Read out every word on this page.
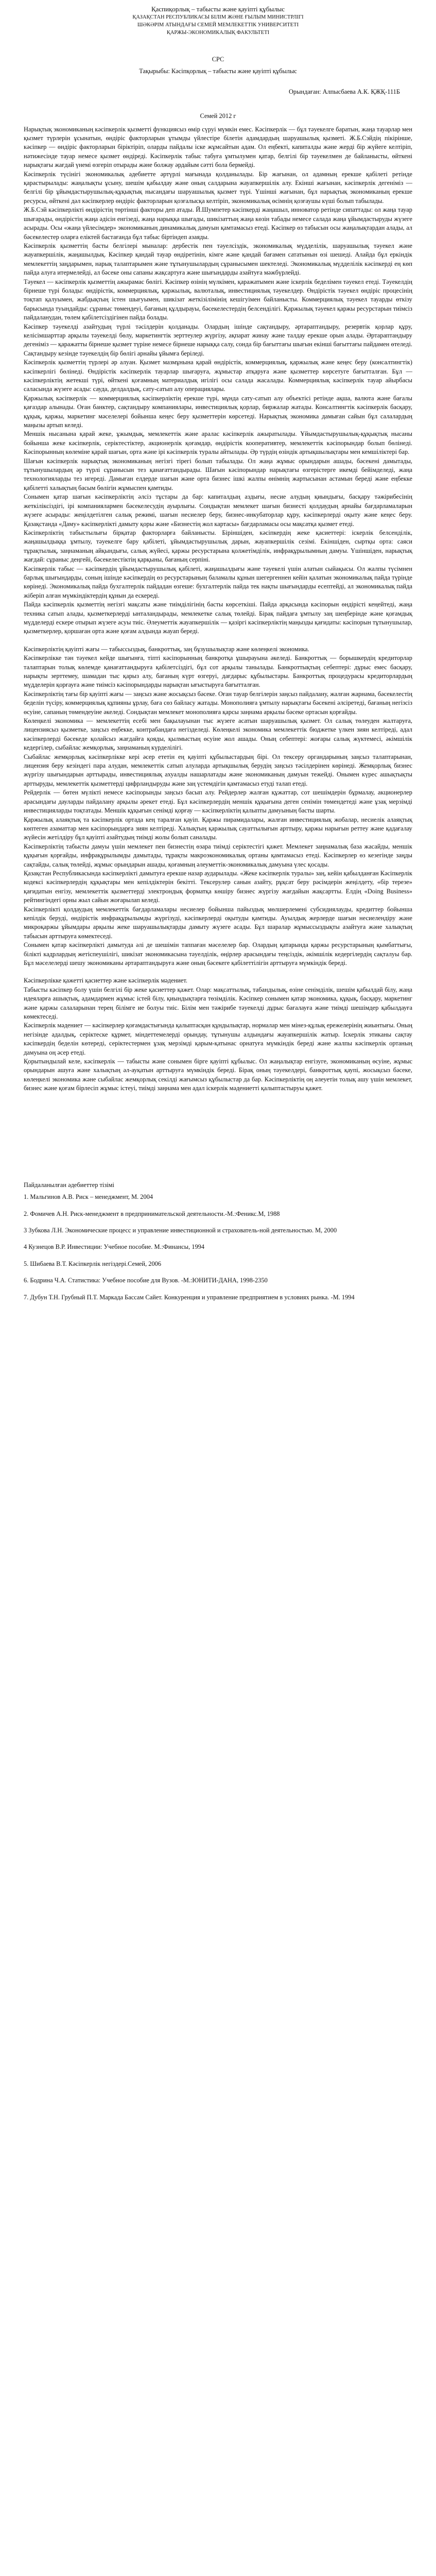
Қаспиқорлық – табысты және қауіпті құбылыс
ҚАЗАҚСТАН РЕСПУБЛИКАСЫ БІЛІМ ЖӘНЕ ҒЫЛЫМ МИНИСТРЛІГІ
ШӘКӘРІМ АТЫНДАҒЫ СЕМЕЙ МЕМЛЕКЕТТІК УНИВЕРСИТЕТІ
ҚАРЖЫ-ЭКОНОМИКАЛЫҚ ФАКУЛЬТЕТІ
СРС
Тақырыбы: Кәсіпқорлық – табысты және қауіпті құбылыс
Орындаған: Алпысбаева А.К. ҚЖҚ-111Б
Семей 2012 г

Нарықтық экономиканың кәсіпкерлік қызметті функциясыз өмір сүруі мүмкін емес. Кәсіпкерлік — бұл тәуекелге баратын, жаңа тауарлар мен қызмет түрлерін ұсынатын, өндіріс факторларын ұтымды үйлестіре білетін адамдардың шаруашылық қызметі. Ж.Б.Сэйдің пікірінше, кәсіпкер — өндіріс факторларын біріктіріп, оларды пайдалы іске жұмсайтын адам. Ол еңбекті, капиталды және жерді бір жүйеге келтіріп, нәтижесінде тауар немесе қызмет өндіреді. Кәсіпкерлік табыс табуға ұмтылумен қатар, белгілі бір тәуекелмен де байланысты, өйткені нарықтағы жағдай үнемі өзгеріп отырады және болжау әрдайым сәтті бола бермейді.

Кәсіпкерлік түсінігі экономикалық әдебиетте әртүрлі мағынада қолданылады. Бір жағынан, ол адамның ерекше қабілеті ретінде қарастырылады: жаңалықты ұсыну, шешім қабылдау және оның салдарына жауапкершілік алу. Екінші жағынан, кәсіпкерлік дегеніміз — белгілі бір ұйымдастырушылық-құқықтық нысандағы шаруашылық қызмет түрі. Үшінші жағынан, бұл нарықтық экономиканың ерекше ресурсы, өйткені дәл кәсіпкерлер өндіріс факторларын қозғалысқа келтіріп, экономикалық өсімнің қозғаушы күші болып табылады.

Ж.Б.Сэй кәсіпкерлікті өндірістің төртінші факторы деп атады. Й.Шумпетер кәсіпкерді жаңашыл, инноватор ретінде сипаттады: ол жаңа тауар шығарады, өндірістің жаңа әдісін енгізеді, жаңа нарыққа шығады, шикізаттың жаңа көзін табады немесе салада жаңа ұйымдастыруды жүзеге асырады. Осы «жаңа үйлесімдер» экономиканың динамикалық дамуын қамтамасыз етеді. Кәсіпкер өз табысын осы жаңалықтардан алады, ал бәсекелестер оларға еліктей бастағанда бұл табыс біртіндеп азаяды.

Кәсіпкерлік қызметтің басты белгілері мыналар: дербестік пен тәуелсіздік, экономикалық мүдделілік, шаруашылық тәуекел және жауапкершілік, жаңашылдық. Кәсіпкер қандай тауар өндіретінін, кімге және қандай бағамен сататынын өзі шешеді. Алайда бұл еркіндік мемлекеттің заңдарымен, нарық талаптарымен және тұтынушылардың сұранысымен шектеледі. Экономикалық мүдделілік кәсіпкерді ең көп пайда алуға итермелейді, ал бәсеке оны сапаны жақсартуға және шығындарды азайтуға мәжбүрлейді.

Тәуекел — кәсіпкерлік қызметтің ажырамас бөлігі. Кәсіпкер өзінің мүлкімен, қаражатымен және іскерлік беделімен тәуекел етеді. Тәуекелдің бірнеше түрі болады: өндірістік, коммерциялық, қаржылық, валюталық, инвестициялық тәуекелдер. Өндірістік тәуекел өндіріс процесінің тоқтап қалуымен, жабдықтың істен шығуымен, шикізат жеткізілімінің кешігуімен байланысты. Коммерциялық тәуекел тауарды өткізу барысында туындайды: сұраныс төмендеуі, бағаның құлдырауы, бәсекелестердің белсенділігі. Қаржылық тәуекел қаржы ресурстарын тиімсіз пайдаланудан, төлем қабілетсіздігінен пайда болады.

Кәсіпкер тәуекелді азайтудың түрлі тәсілдерін қолданады. Олардың ішінде сақтандыру, әртараптандыру, резервтік қорлар құру, келісімшарттар арқылы тәуекелді бөлу, маркетингтік зерттеулер жүргізу, ақпарат жинау және талдау ерекше орын алады. Әртараптандыру дегеніміз — қаражатты бірнеше қызмет түріне немесе бірнеше нарыққа салу, сонда бір бағыттағы шығын екінші бағыттағы пайдамен өтеледі. Сақтандыру кезінде тәуекелдің бір бөлігі арнайы ұйымға беріледі.

Кәсіпкерлік қызметтің түрлері әр алуан. Қызмет мазмұнына қарай өндірістік, коммерциялық, қаржылық және кеңес беру (консалтингтік) кәсіпкерлігі бөлінеді. Өндірістік кәсіпкерлік тауарлар шығаруға, жұмыстар атқаруға және қызметтер көрсетуге бағытталған. Бұл — кәсіпкерліктің жетекші түрі, өйткені қоғамның материалдық игілігі осы салада жасалады. Коммерциялық кәсіпкерлік тауар айырбасы саласында жүзеге асады: сауда, делдалдық, сату-сатып алу операциялары.

Қаржылық кәсіпкерлік — коммерциялық кәсіпкерліктің ерекше түрі, мұнда сату-сатып алу объектісі ретінде ақша, валюта және бағалы қағаздар алынады. Оған банктер, сақтандыру компаниялары, инвестициялық қорлар, биржалар жатады. Консалтингтік кәсіпкерлік басқару, құқық, қаржы, маркетинг мәселелері бойынша кеңес беру қызметтерін көрсетеді. Нарықтық экономика дамыған сайын бұл салалардың маңызы артып келеді.

Меншік нысанына қарай жеке, ұжымдық, мемлекеттік және аралас кәсіпкерлік ажыратылады. Ұйымдастырушылық-құқықтық нысаны бойынша жеке кәсіпкерлік, серіктестіктер, акционерлік қоғамдар, өндірістік кооперативтер, мемлекеттік кәсіпорындар болып бөлінеді. Кәсіпорынның көлеміне қарай шағын, орта және ірі кәсіпкерлік туралы айтылады. Әр түрдің өзіндік артықшылықтары мен кемшіліктері бар.

Шағын кәсіпкерлік нарықтық экономиканың негізгі тірегі болып табылады. Ол жаңа жұмыс орындарын ашады, бәсекені дамытады, тұтынушылардың әр түрлі сұранысын тез қанағаттандырады. Шағын кәсіпорындар нарықтағы өзгерістерге икемді бейімделеді, жаңа технологияларды тез игереді. Дамыған елдерде шағын және орта бизнес ішкі жалпы өнімнің жартысынан астамын береді және еңбекке қабілетті халықтың басым бөлігін жұмыспен қамтиды.

Сонымен қатар шағын кәсіпкерліктің әлсіз тұстары да бар: капиталдың аздығы, несие алудың қиындығы, басқару тәжірибесінің жеткіліксіздігі, ірі компаниялармен бәсекелесудің ауырлығы. Сондықтан мемлекет шағын бизнесті қолдаудың арнайы бағдарламаларын жүзеге асырады: жеңілдетілген салық режимі, шағын несиелер беру, бизнес-инкубаторлар құру, кәсіпкерлерді оқыту және кеңес беру. Қазақстанда «Даму» кәсіпкерлікті дамыту қоры және «Бизнестің жол картасы» бағдарламасы осы мақсатқа қызмет етеді.

Кәсіпкерліктің табыстылығы бірқатар факторларға байланысты. Біріншіден, кәсіпкердің жеке қасиеттері: іскерлік белсенділік, жаңашылдыққа ұмтылу, тәуекелге бару қабілеті, ұйымдастырушылық дарын, жауапкершілік сезімі. Екіншіден, сыртқы орта: саяси тұрақтылық, заңнаманың айқындығы, салық жүйесі, қаржы ресурстарына қолжетімділік, инфрақұрылымның дамуы. Үшіншіден, нарықтық жағдай: сұраныс деңгейі, бәсекелестіктің қарқыны, бағаның серпіні.

Кәсіпкерлік табыс — кәсіпкердің ұйымдастырушылық қабілеті, жаңашылдығы және тәуекелі үшін алатын сыйақысы. Ол жалпы түсімнен барлық шығындарды, соның ішінде кәсіпкердің өз ресурстарының баламалы құнын шегергеннен кейін қалатын экономикалық пайда түрінде көрінеді. Экономикалық пайда бухгалтерлік пайдадан өзгеше: бухгалтерлік пайда тек нақты шығындарды есептейді, ал экономикалық пайда жіберіп алған мүмкіндіктердің құнын да ескереді.

Пайда кәсіпкерлік қызметтің негізгі мақсаты және тиімділігінің басты көрсеткіші. Пайда арқасында кәсіпорын өндірісті кеңейтеді, жаңа техника сатып алады, қызметкерлерді ынталандырады, мемлекетке салық төлейді. Бірақ пайдаға ұмтылу заң шеңберінде және қоғамдық мүдделерді ескере отырып жүзеге асуы тиіс. Әлеуметтік жауапкершілік — қазіргі кәсіпкерліктің маңызды қағидаты: кәсіпорын тұтынушылар, қызметкерлер, қоршаған орта және қоғам алдында жауап береді.

Кәсіпкерліктің қауіпті жағы — табыссыздық, банкроттық, заң бұзушылықтар және көлеңкелі экономика.

Кәсіпкерлікке тән тәуекел кейде шығынға, тіпті кәсіпорынның банкротқа ұшырауына әкеледі. Банкроттық — борышкердің кредиторлар талаптарын толық көлемде қанағаттандыруға қабілетсіздігі, бұл сот арқылы танылады. Банкроттықтың себептері: дұрыс емес басқару, нарықты зерттемеу, шамадан тыс қарыз алу, бағаның күрт өзгеруі, дағдарыс құбылыстары. Банкроттық процедурасы кредиторлардың мүдделерін қорғауға және тиімсіз кәсіпорындарды нарықтан ығыстыруға бағытталған.

Кәсіпкерліктің тағы бір қауіпті жағы — заңсыз және жосықсыз бәсеке. Оған тауар белгілерін заңсыз пайдалану, жалған жарнама, бәсекелестің беделін түсіру, коммерциялық құпияны ұрлау, баға сөз байласу жатады. Монополияға ұмтылу нарықтағы бәсекені әлсіретеді, бағаның негізсіз өсуіне, сапаның төмендеуіне әкеледі. Сондықтан мемлекет монополияға қарсы заңнама арқылы бәсеке ортасын қорғайды.

Көлеңкелі экономика — мемлекеттің есебі мен бақылауынан тыс жүзеге асатын шаруашылық қызмет. Ол салық төлеуден жалтаруға, лицензиясыз қызметке, заңсыз еңбекке, контрабандаға негізделеді. Көлеңкелі экономика мемлекеттік бюджетке үлкен зиян келтіреді, адал кәсіпкерлерді бәсекеде қолайсыз жағдайға қояды, қылмыстың өсуіне жол ашады. Оның себептері: жоғары салық жүктемесі, әкімшілік кедергілер, сыбайлас жемқорлық, заңнаманың күрделілігі.

Сыбайлас жемқорлық кәсіпкерлікке кері әсер ететін ең қауіпті құбылыстардың бірі. Ол тексеру органдарының заңсыз талаптарынан, лицензия беру кезіндегі пара алудан, мемлекеттік сатып алуларда артықшылық берудің заңсыз тәсілдерінен көрінеді. Жемқорлық бизнес жүргізу шығындарын арттырады, инвестициялық ахуалды нашарлатады және экономиканың дамуын тежейді. Онымен күрес ашықтықты арттыруды, мемлекеттік қызметтерді цифрландыруды және заң үстемдігін қамтамасыз етуді талап етеді.

Рейдерлік — бөтен мүлікті немесе кәсіпорынды заңсыз басып алу. Рейдерлер жалған құжаттар, сот шешімдерін бұрмалау, акционерлер арасындағы дауларды пайдалану арқылы әрекет етеді. Бұл кәсіпкерлердің меншік құқығына деген сенімін төмендетеді және ұзақ мерзімді инвестицияларды тоқтатады. Меншік құқығын сенімді қорғау — кәсіпкерліктің қалыпты дамуының басты шарты.

Қаржылық алаяқтық та кәсіпкерлік ортада кең таралған қауіп. Қаржы пирамидалары, жалған инвестициялық жобалар, несиелік алаяқтық көптеген азаматтар мен кәсіпорындарға зиян келтіреді. Халықтың қаржылық сауаттылығын арттыру, қаржы нарығын реттеу және қадағалау жүйесін жетілдіру бұл қауіпті азайтудың тиімді жолы болып саналады.

Кәсіпкерліктің табысты дамуы үшін мемлекет пен бизнестің өзара тиімді серіктестігі қажет. Мемлекет заңнамалық база жасайды, меншік құқығын қорғайды, инфрақұрылымды дамытады, тұрақты макроэкономикалық ортаны қамтамасыз етеді. Кәсіпкерлер өз кезегінде заңды сақтайды, салық төлейді, жұмыс орындарын ашады, қоғамның әлеуметтік-экономикалық дамуына үлес қосады.

Қазақстан Республикасында кәсіпкерлікті дамытуға ерекше назар аударылады. «Жеке кәсіпкерлік туралы» заң, кейін қабылданған Кәсіпкерлік кодексі кәсіпкерлердің құқықтары мен кепілдіктерін бекітті. Тексерулер санын азайту, рұқсат беру рәсімдерін жеңілдету, «бір терезе» қағидатын енгізу, мемлекеттік қызметтерді электрондық форматқа көшіру бизнес жүргізу жағдайын жақсартты. Елдің «Doing Business» рейтингіндегі орны жыл сайын жоғарылап келеді.

Кәсіпкерлікті қолдаудың мемлекеттік бағдарламалары несиелер бойынша пайыздық мөлшерлемені субсидиялауды, кредиттер бойынша кепілдік беруді, өндірістік инфрақұрылымды жүргізуді, кәсіпкерлерді оқытуды қамтиды. Ауылдық жерлерде шағын несиелендіру және микроқаржы ұйымдары арқылы жеке шаруашылықтарды дамыту жүзеге асады. Бұл шаралар жұмыссыздықты азайтуға және халықтың табысын арттыруға көмектеседі.

Сонымен қатар кәсіпкерлікті дамытуда әлі де шешімін таппаған мәселелер бар. Олардың қатарында қаржы ресурстарының қымбаттығы, білікті кадрлардың жетіспеушілігі, шикізат экономикасына тәуелділік, өңірлер арасындағы теңсіздік, әкімшілік кедергілердің сақталуы бар. Бұл мәселелерді шешу экономиканы әртараптандыруға және оның бәсекеге қабілеттілігін арттыруға мүмкіндік береді.

Кәсіпкерлікке қажетті қасиеттер және кәсіпкерлік мәдениет.

Табысты кәсіпкер болу үшін белгілі бір жеке қасиеттер қажет. Олар: мақсаттылық, табандылық, өзіне сенімділік, шешім қабылдай білу, жаңа идеяларға ашықтық, адамдармен жұмыс істей білу, қиындықтарға төзімділік. Кәсіпкер сонымен қатар экономика, құқық, басқару, маркетинг және қаржы салаларынан терең білімге ие болуы тиіс. Білім мен тәжірибе тәуекелді дұрыс бағалауға және тиімді шешімдер қабылдауға көмектеседі.

Кәсіпкерлік мәдениет — кәсіпкерлер қоғамдастығында қалыптасқан құндылықтар, нормалар мен мінез-құлық ережелерінің жиынтығы. Оның негізінде адалдық, серіктеске құрмет, міндеттемелерді орындау, тұтынушы алдындағы жауапкершілік жатыр. Іскерлік этиканы сақтау кәсіпкердің беделін көтереді, серіктестермен ұзақ мерзімді қарым-қатынас орнатуға мүмкіндік береді және жалпы кәсіпкерлік ортаның дамуына оң әсер етеді.

Қорытындылай келе, кәсіпкерлік — табысты және сонымен бірге қауіпті құбылыс. Ол жаңалықтар енгізуге, экономиканың өсуіне, жұмыс орындарын ашуға және халықтың әл-ауқатын арттыруға мүмкіндік береді. Бірақ оның тәуекелдері, банкроттық қаупі, жосықсыз бәсеке, көлеңкелі экономика және сыбайлас жемқорлық секілді жағымсыз құбылыстар да бар. Кәсіпкерліктің оң әлеуетін толық ашу үшін мемлекет, бизнес және қоғам бірлесіп жұмыс істеуі, тиімді заңнама мен адал іскерлік мәдениетті қалыптастыруы қажет.

Пайдаланылған әдебиеттер тізімі

1. Мальгинов А.В. Риск – менеджмент, М. 2004

2. Фомичев А.Н. Риск-менеджмент в предпринимательской деятельности.-М.:Феникс.М, 1988

3 Зубкова Л.Н. Экономические процесс и управление инвестиционной и страхователь-ной деятельностью. М, 2000

4 Кузнецов В.Р. Инвестиции: Учебное пособие. М.:Финансы, 1994

5. Шибаева В.Т. Кәсіпкерлік негіздері.Семей, 2006

6. Бодрина Ч.А. Статистика: Учебное пособие для Вузов. -М.:ЮНИТИ-ДАНА, 1998-2350

7. Дубун Т.Н. Грубный П.Т. Маркада Бассам Сайет. Конкуренция и управление предприятием в условиях рынка. -М. 1994
